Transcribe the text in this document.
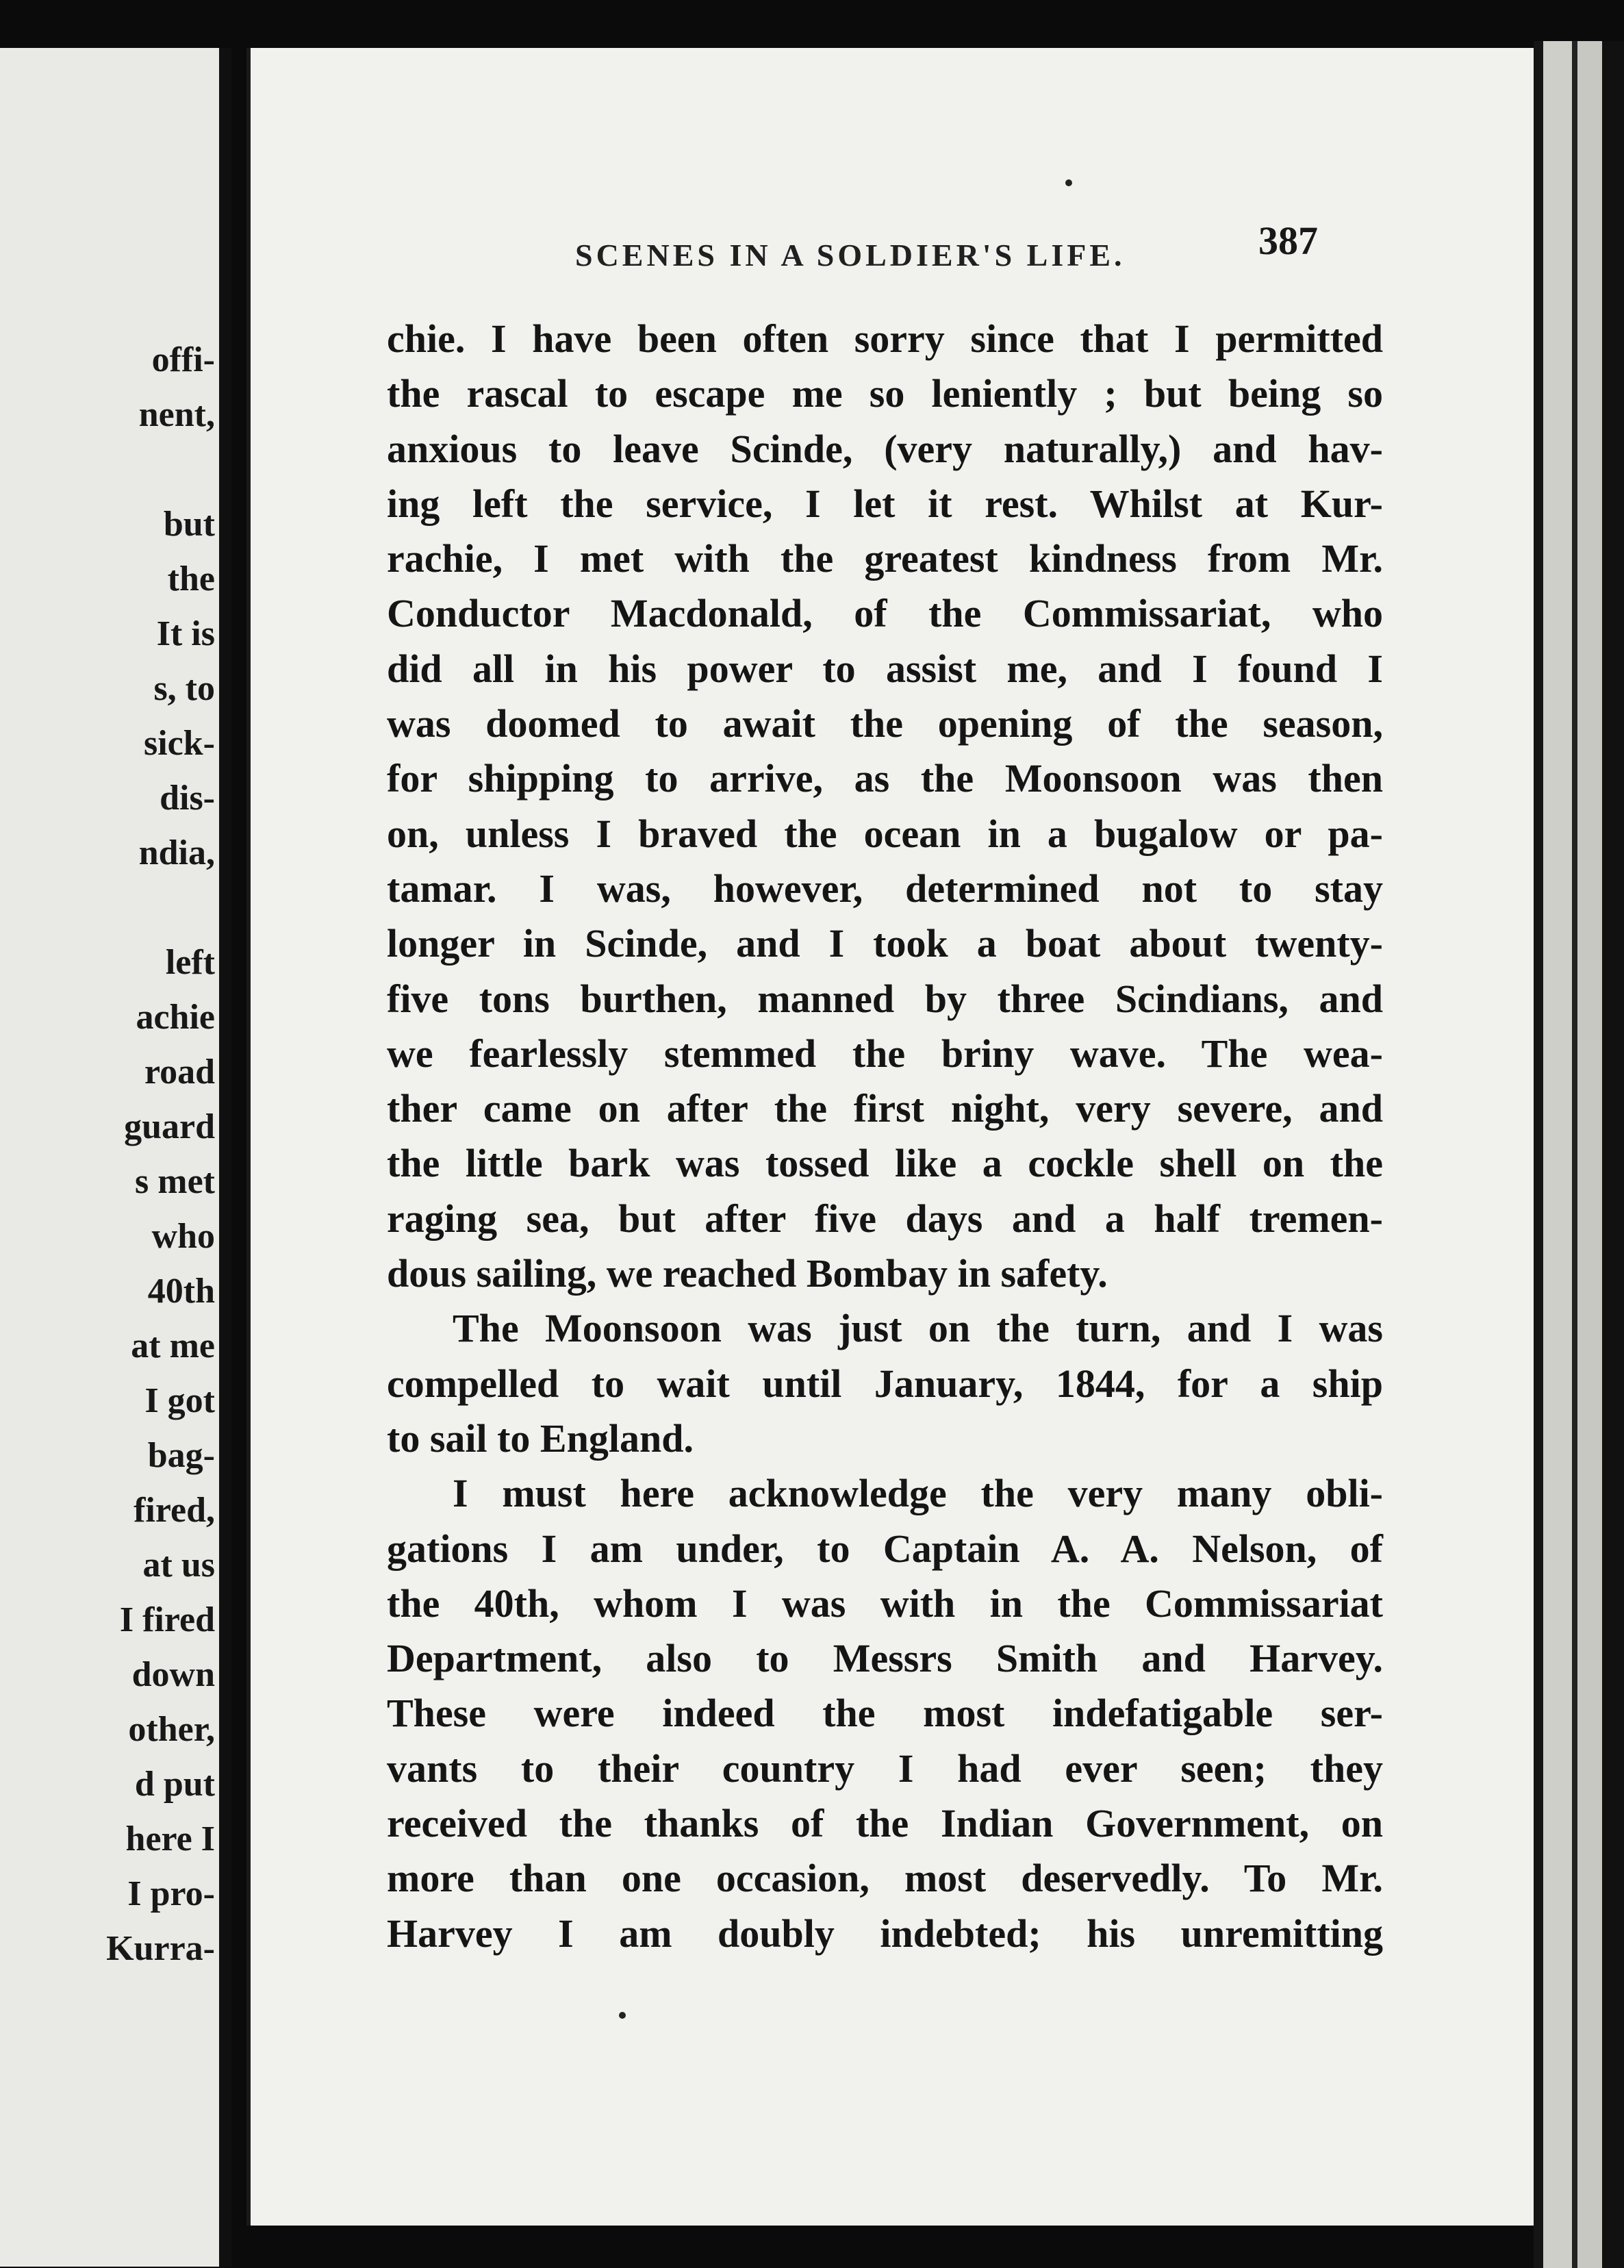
offi-
nent,
but
the
It is
s, to
sick-
dis-
ndia,
left
achie
road
guard
s met
who
40th
at me
I got
bag-
fired,
at us
I fired
down
other,
d put
here I
I pro-
Kurra-
SCENES IN A SOLDIER'S LIFE.	387
chie. I have been often sorry since that I permitted
the rascal to escape me so leniently ; but being so
anxious to leave Scinde, (very naturally,) and hav-
ing left the service, I let it rest. Whilst at Kur-
rachie, I met with the greatest kindness from Mr.
Conductor Macdonald, of the Commissariat, who
did all in his power to assist me, and I found I
was doomed to await the opening of the season,
for shipping to arrive, as the Moonsoon was then
on, unless I braved the ocean in a bugalow or pa-
tamar. I was, however, determined not to stay
longer in Scinde, and I took a boat about twenty-
five tons burthen, manned by three Scindians, and
we fearlessly stemmed the briny wave. The wea-
ther came on after the first night, very severe, and
the little bark was tossed like a cockle shell on the
raging sea, but after five days and a half tremen-
dous sailing, we reached Bombay in safety.
The Moonsoon was just on the turn, and I was
compelled to wait until January, 1844, for a ship
to sail to England.
I must here acknowledge the very many obli-
gations I am under, to Captain A. A. Nelson, of
the 40th, whom I was with in the Commissariat
Department, also to Messrs Smith and Harvey.
These were indeed the most indefatigable ser-
vants to their country I had ever seen; they
received the thanks of the Indian Government, on
more than one occasion, most deservedly. To Mr.
Harvey I am doubly indebted; his unremitting
